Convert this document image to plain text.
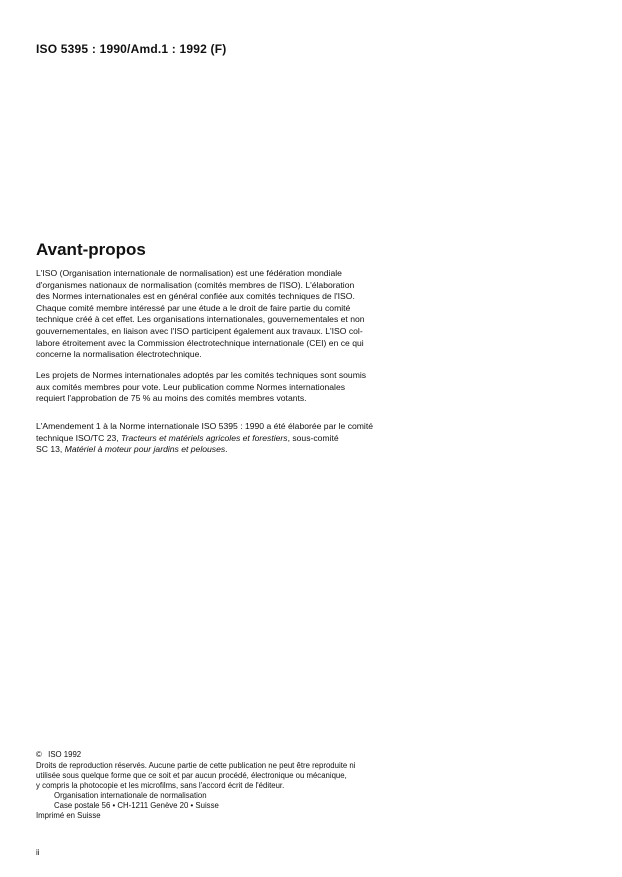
ISO 5395 : 1990/Amd.1 : 1992 (F)
Avant-propos
L'ISO (Organisation internationale de normalisation) est une fédération mondiale
d'organismes nationaux de normalisation (comités membres de l'ISO). L'élaboration
des Normes internationales est en général confiée aux comités techniques de l'ISO.
Chaque comité membre intéressé par une étude a le droit de faire partie du comité
technique créé à cet effet. Les organisations internationales, gouvernementales et non
gouvernementales, en liaison avec l'ISO participent également aux travaux. L'ISO col-
labore étroitement avec la Commission électrotechnique internationale (CEI) en ce qui
concerne la normalisation électrotechnique.
Les projets de Normes internationales adoptés par les comités techniques sont soumis
aux comités membres pour vote. Leur publication comme Normes internationales
requiert l'approbation de 75 % au moins des comités membres votants.
L'Amendement 1 à la Norme internationale ISO 5395 : 1990 a été élaborée par le comité
technique ISO/TC 23, Tracteurs et matériels agricoles et forestiers, sous-comité
SC 13, Matériel à moteur pour jardins et pelouses.
© ISO 1992
Droits de reproduction réservés. Aucune partie de cette publication ne peut être reproduite ni
utilisée sous quelque forme que ce soit et par aucun procédé, électronique ou mécanique,
y compris la photocopie et les microfilms, sans l'accord écrit de l'éditeur.
Organisation internationale de normalisation
Case postale 56 • CH-1211 Genève 20 • Suisse
Imprimé en Suisse
ii
